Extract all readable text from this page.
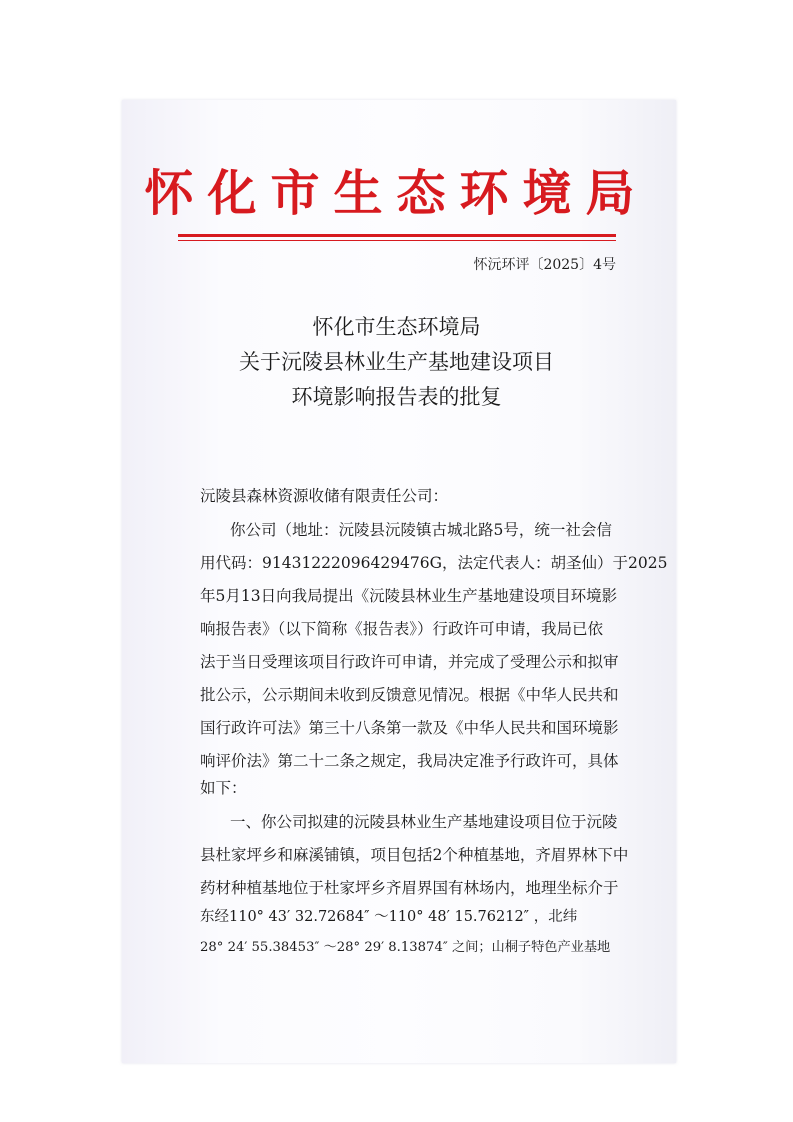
怀化市生态环境局
怀沅环评〔2025〕4号
怀化市生态环境局
关于沅陵县林业生产基地建设项目
环境影响报告表的批复
沅陵县森林资源收储有限责任公司：
你公司（地址：沅陵县沅陵镇古城北路5号，统一社会信
用代码：91431222096429476G，法定代表人：胡圣仙）于2025
年5月13日向我局提出《沅陵县林业生产基地建设项目环境影
响报告表》（以下简称《报告表》）行政许可申请，我局已依
法于当日受理该项目行政许可申请，并完成了受理公示和拟审
批公示，公示期间未收到反馈意见情况。根据《中华人民共和
国行政许可法》第三十八条第一款及《中华人民共和国环境影
响评价法》第二十二条之规定，我局决定准予行政许可，具体
如下：
一、你公司拟建的沅陵县林业生产基地建设项目位于沅陵
县杜家坪乡和麻溪铺镇，项目包括2个种植基地，齐眉界林下中
药材种植基地位于杜家坪乡齐眉界国有林场内，地理坐标介于
东经110° 43′ 32.72684″ ～110° 48′ 15.76212″ ，北纬
28° 24′ 55.38453″ ～28° 29′ 8.13874″ 之间；山桐子特色产业基地
